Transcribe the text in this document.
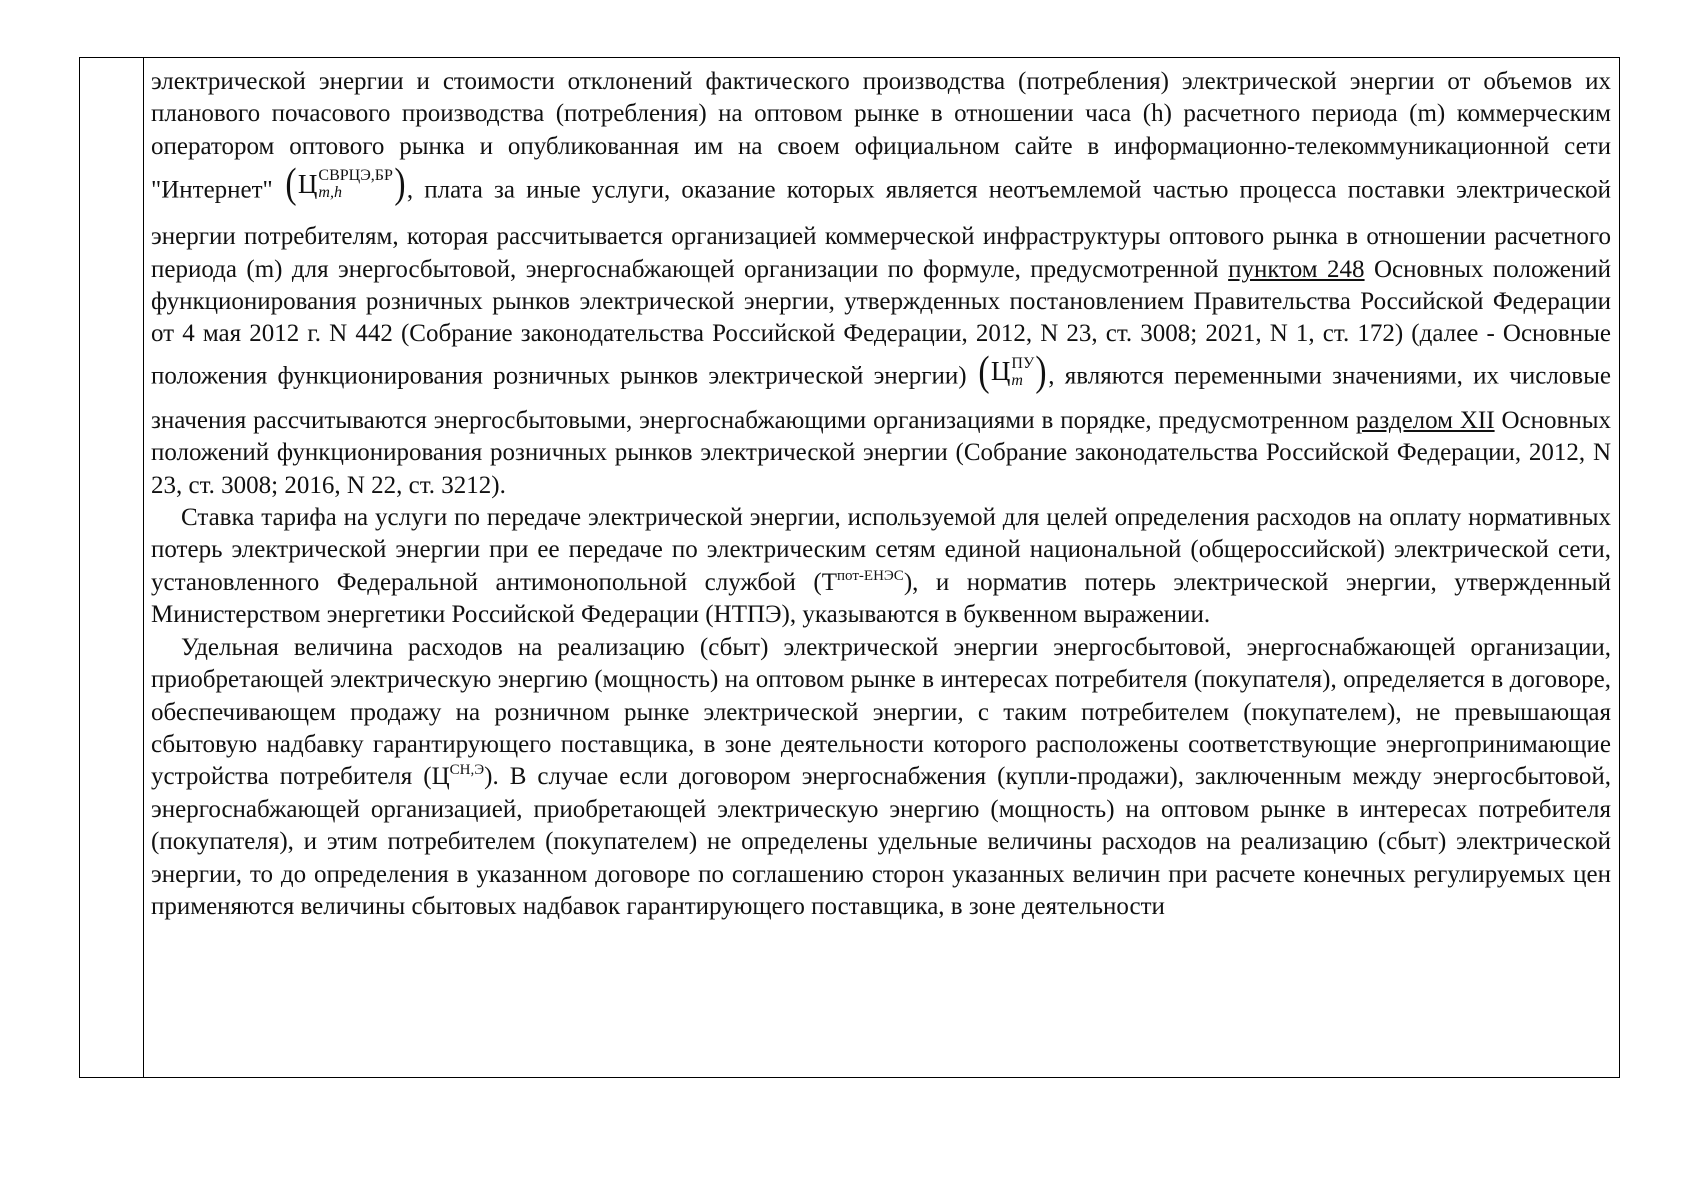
электрической энергии и стоимости отклонений фактического производства (потребления) электрической энергии от объемов их планового почасового производства (потребления) на оптовом рынке в отношении часа (h) расчетного периода (m) коммерческим оператором оптового рынка и опубликованная им на своем официальном сайте в информационно-телекоммуникационной сети "Интернет" (Ц СВРЦЭ,БР
m,h	), плата за иные услуги, оказание которых является неотъемлемой частью процесса поставки электрической энергии потребителям, которая рассчитывается организацией коммерческой инфраструктуры оптового рынка в отношении расчетного периода (m) для энергосбытовой, энергоснабжающей организации по формуле, предусмотренной пунктом 248 Основных положений функционирования розничных рынков электрической энергии, утвержденных постановлением Правительства Российской Федерации от 4 мая 2012 г. N 442 (Собрание законодательства Российской Федерации, 2012, N 23, ст. 3008; 2021, N 1, ст. 172) (далее - Основные положения функционирования розничных рынков электрической энергии) (Ц ПУ
m ), являются переменными значениями, их числовые значения рассчитываются энергосбытовыми, энергоснабжающими организациями в порядке, предусмотренном разделом XII Основных положений функционирования розничных рынков электрической энергии (Собрание законодательства Российской Федерации, 2012, N 23, ст. 3008; 2016, N 22, ст. 3212).

Ставка тарифа на услуги по передаче электрической энергии, используемой для целей определения расходов на оплату нормативных потерь электрической энергии при ее передаче по электрическим сетям единой национальной (общероссийской) электрической сети, установленного Федеральной антимонопольной службой $(Т^{пот-ЕНЭС})$, и норматив потерь электрической энергии, утвержденный Министерством энергетики Российской Федерации (НТПЭ), указываются в буквенном выражении.

Удельная величина расходов на реализацию (сбыт) электрической энергии энергосбытовой, энергоснабжающей организации, приобретающей электрическую энергию (мощность) на оптовом рынке в интересах потребителя (покупателя), определяется в договоре, обеспечивающем продажу на розничном рынке электрической энергии, с таким потребителем (покупателем), не превышающая сбытовую надбавку гарантирующего поставщика, в зоне деятельности которого расположены соответствующие энергопринимающие устройства потребителя $(Ц^{СН,Э})$. В случае если договором энергоснабжения (купли-продажи), заключенным между энергосбытовой, энергоснабжающей организацией, приобретающей электрическую энергию (мощность) на оптовом рынке в интересах потребителя (покупателя), и этим потребителем (покупателем) не определены удельные величины расходов на реализацию (сбыт) электрической энергии, то до определения в указанном договоре по соглашению сторон указанных величин при расчете конечных регулируемых цен применяются величины сбытовых надбавок гарантирующего поставщика, в зоне деятельности
